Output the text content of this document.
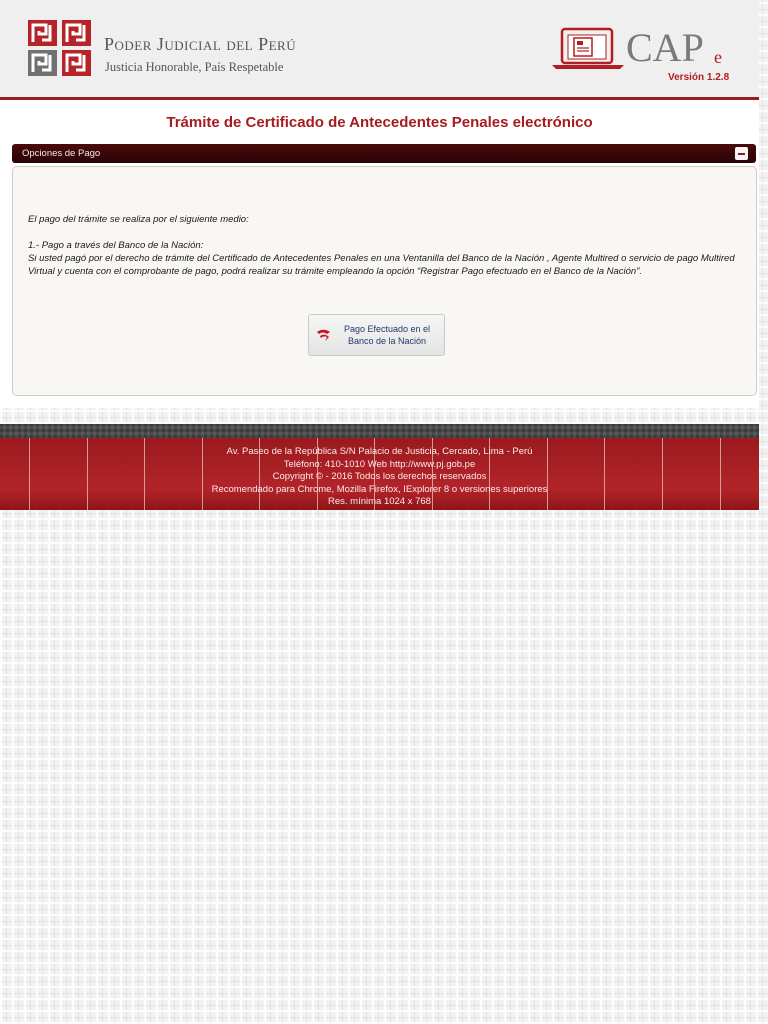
Poder Judicial del Perú
Justicia Honorable, País Respetable	CAP e
Versión 1.2.8
Trámite de Certificado de Antecedentes Penales electrónico
Opciones de Pago

El pago del trámite se realiza por el siguiente medio:

1.- Pago a través del Banco de la Nación:

Si usted pagó por el derecho de trámite del Certificado de Antecedentes Penales en una Ventanilla del Banco de la Nación , Agente Multired o servicio de pago Multired Virtual y cuenta con el comprobante de pago, podrá realizar su trámite empleando la opción “Registrar Pago efectuado en el Banco de la Nación”.

Pago Efectuado en el
Banco de la Nación
Av. Paseo de la República S/N Palacio de Justicia, Cercado, Lima - Perú
Teléfono: 410-1010 Web http://www.pj.gob.pe
Copyright © - 2016 Todos los derechos reservados
Recomendado para Chrome, Mozilla Firefox, IExplorer 8 o versiones superiores
Res. mínima 1024 x 768
